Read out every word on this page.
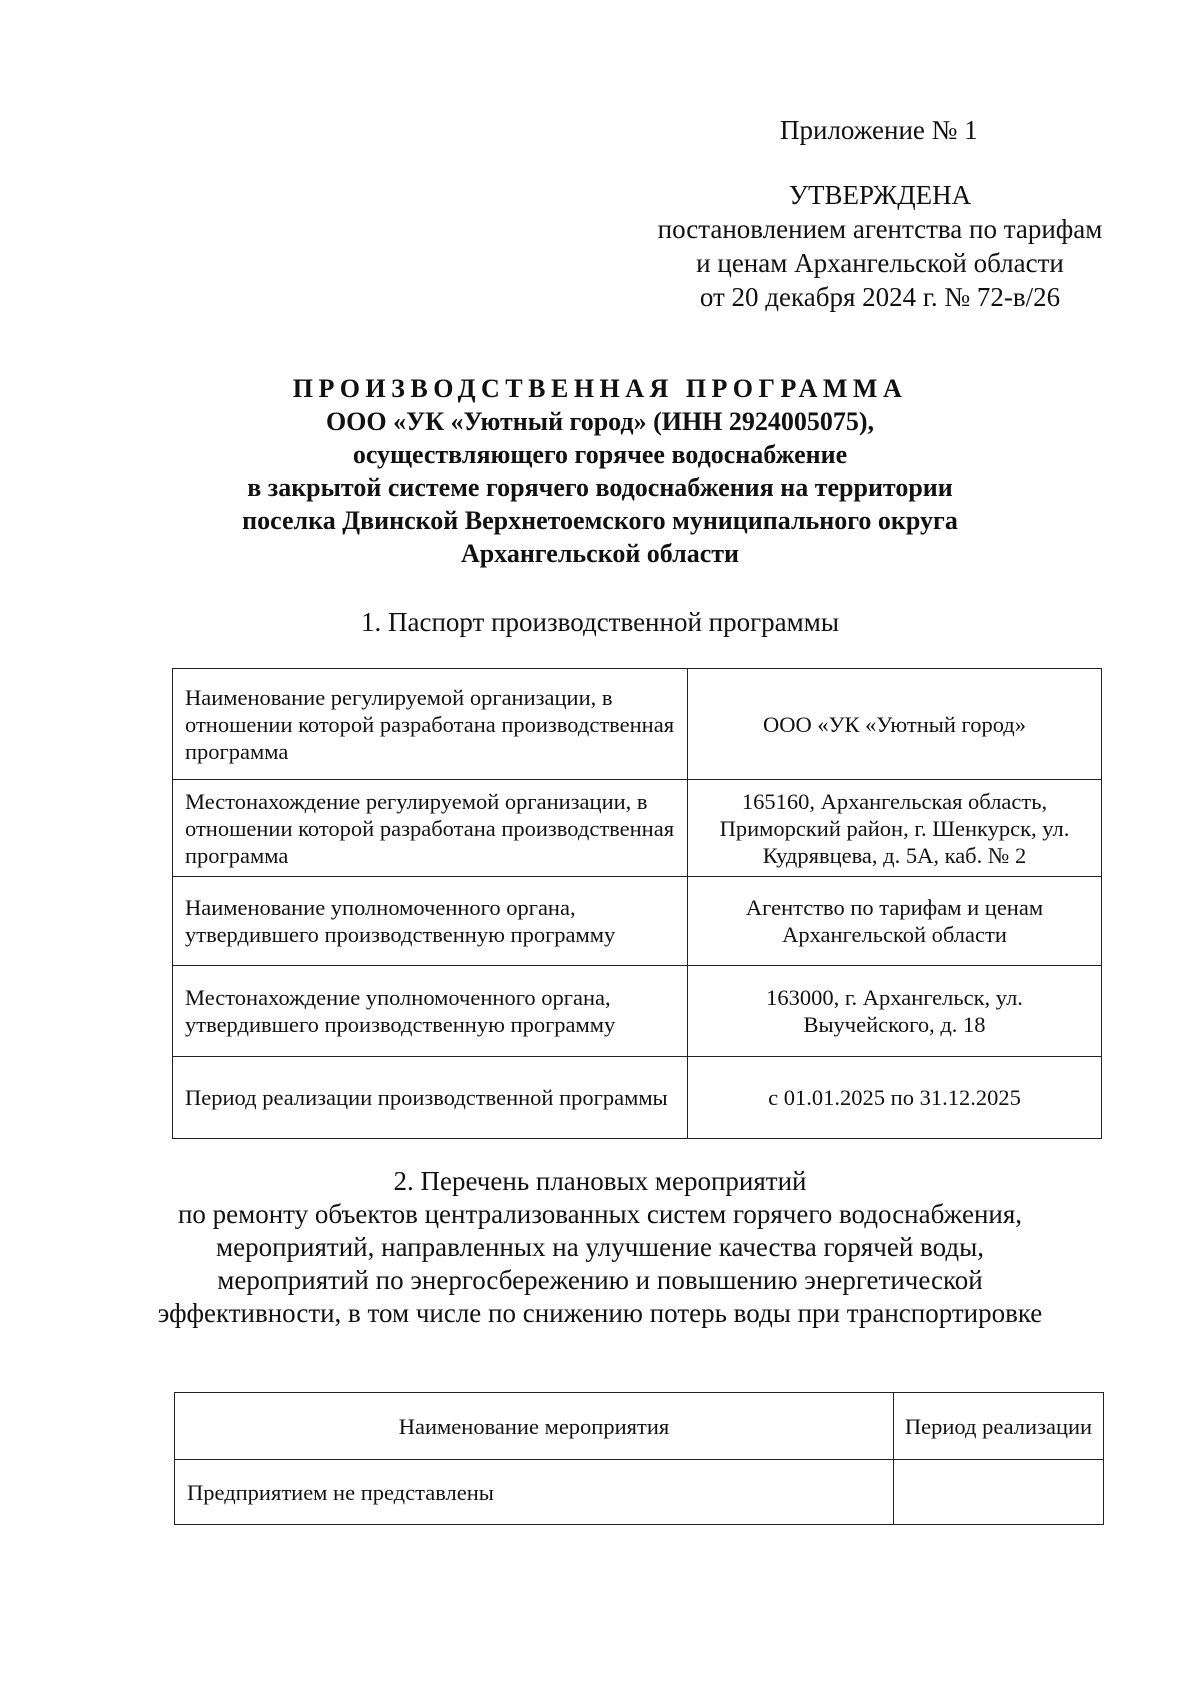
Приложение № 1
УТВЕРЖДЕНА
постановлением агентства по тарифам
и ценам Архангельской области
от 20 декабря 2024 г. № 72-в/26
ПРОИЗВОДСТВЕННАЯ ПРОГРАММА
ООО «УК «Уютный город» (ИНН 2924005075),
осуществляющего горячее водоснабжение
в закрытой системе горячего водоснабжения на территории
поселка Двинской Верхнетоемского муниципального округа
Архангельской области
1. Паспорт производственной программы
Наименование регулируемой организации, в отношении которой разработана производственная программа	ООО «УК «Уютный город»
Местонахождение регулируемой организации, в отношении которой разработана производственная программа	165160, Архангельская область, Приморский район, г. Шенкурск, ул. Кудрявцева, д. 5А, каб. № 2
Наименование уполномоченного органа, утвердившего производственную программу	Агентство по тарифам и ценам Архангельской области
Местонахождение уполномоченного органа, утвердившего производственную программу	163000, г. Архангельск, ул. Выучейского, д. 18
Период реализации производственной программы	с 01.01.2025 по 31.12.2025
2. Перечень плановых мероприятий
по ремонту объектов централизованных систем горячего водоснабжения,
мероприятий, направленных на улучшение качества горячей воды,
мероприятий по энергосбережению и повышению энергетической
эффективности, в том числе по снижению потерь воды при транспортировке
Наименование мероприятия	Период реализации
Предприятием не представлены	
